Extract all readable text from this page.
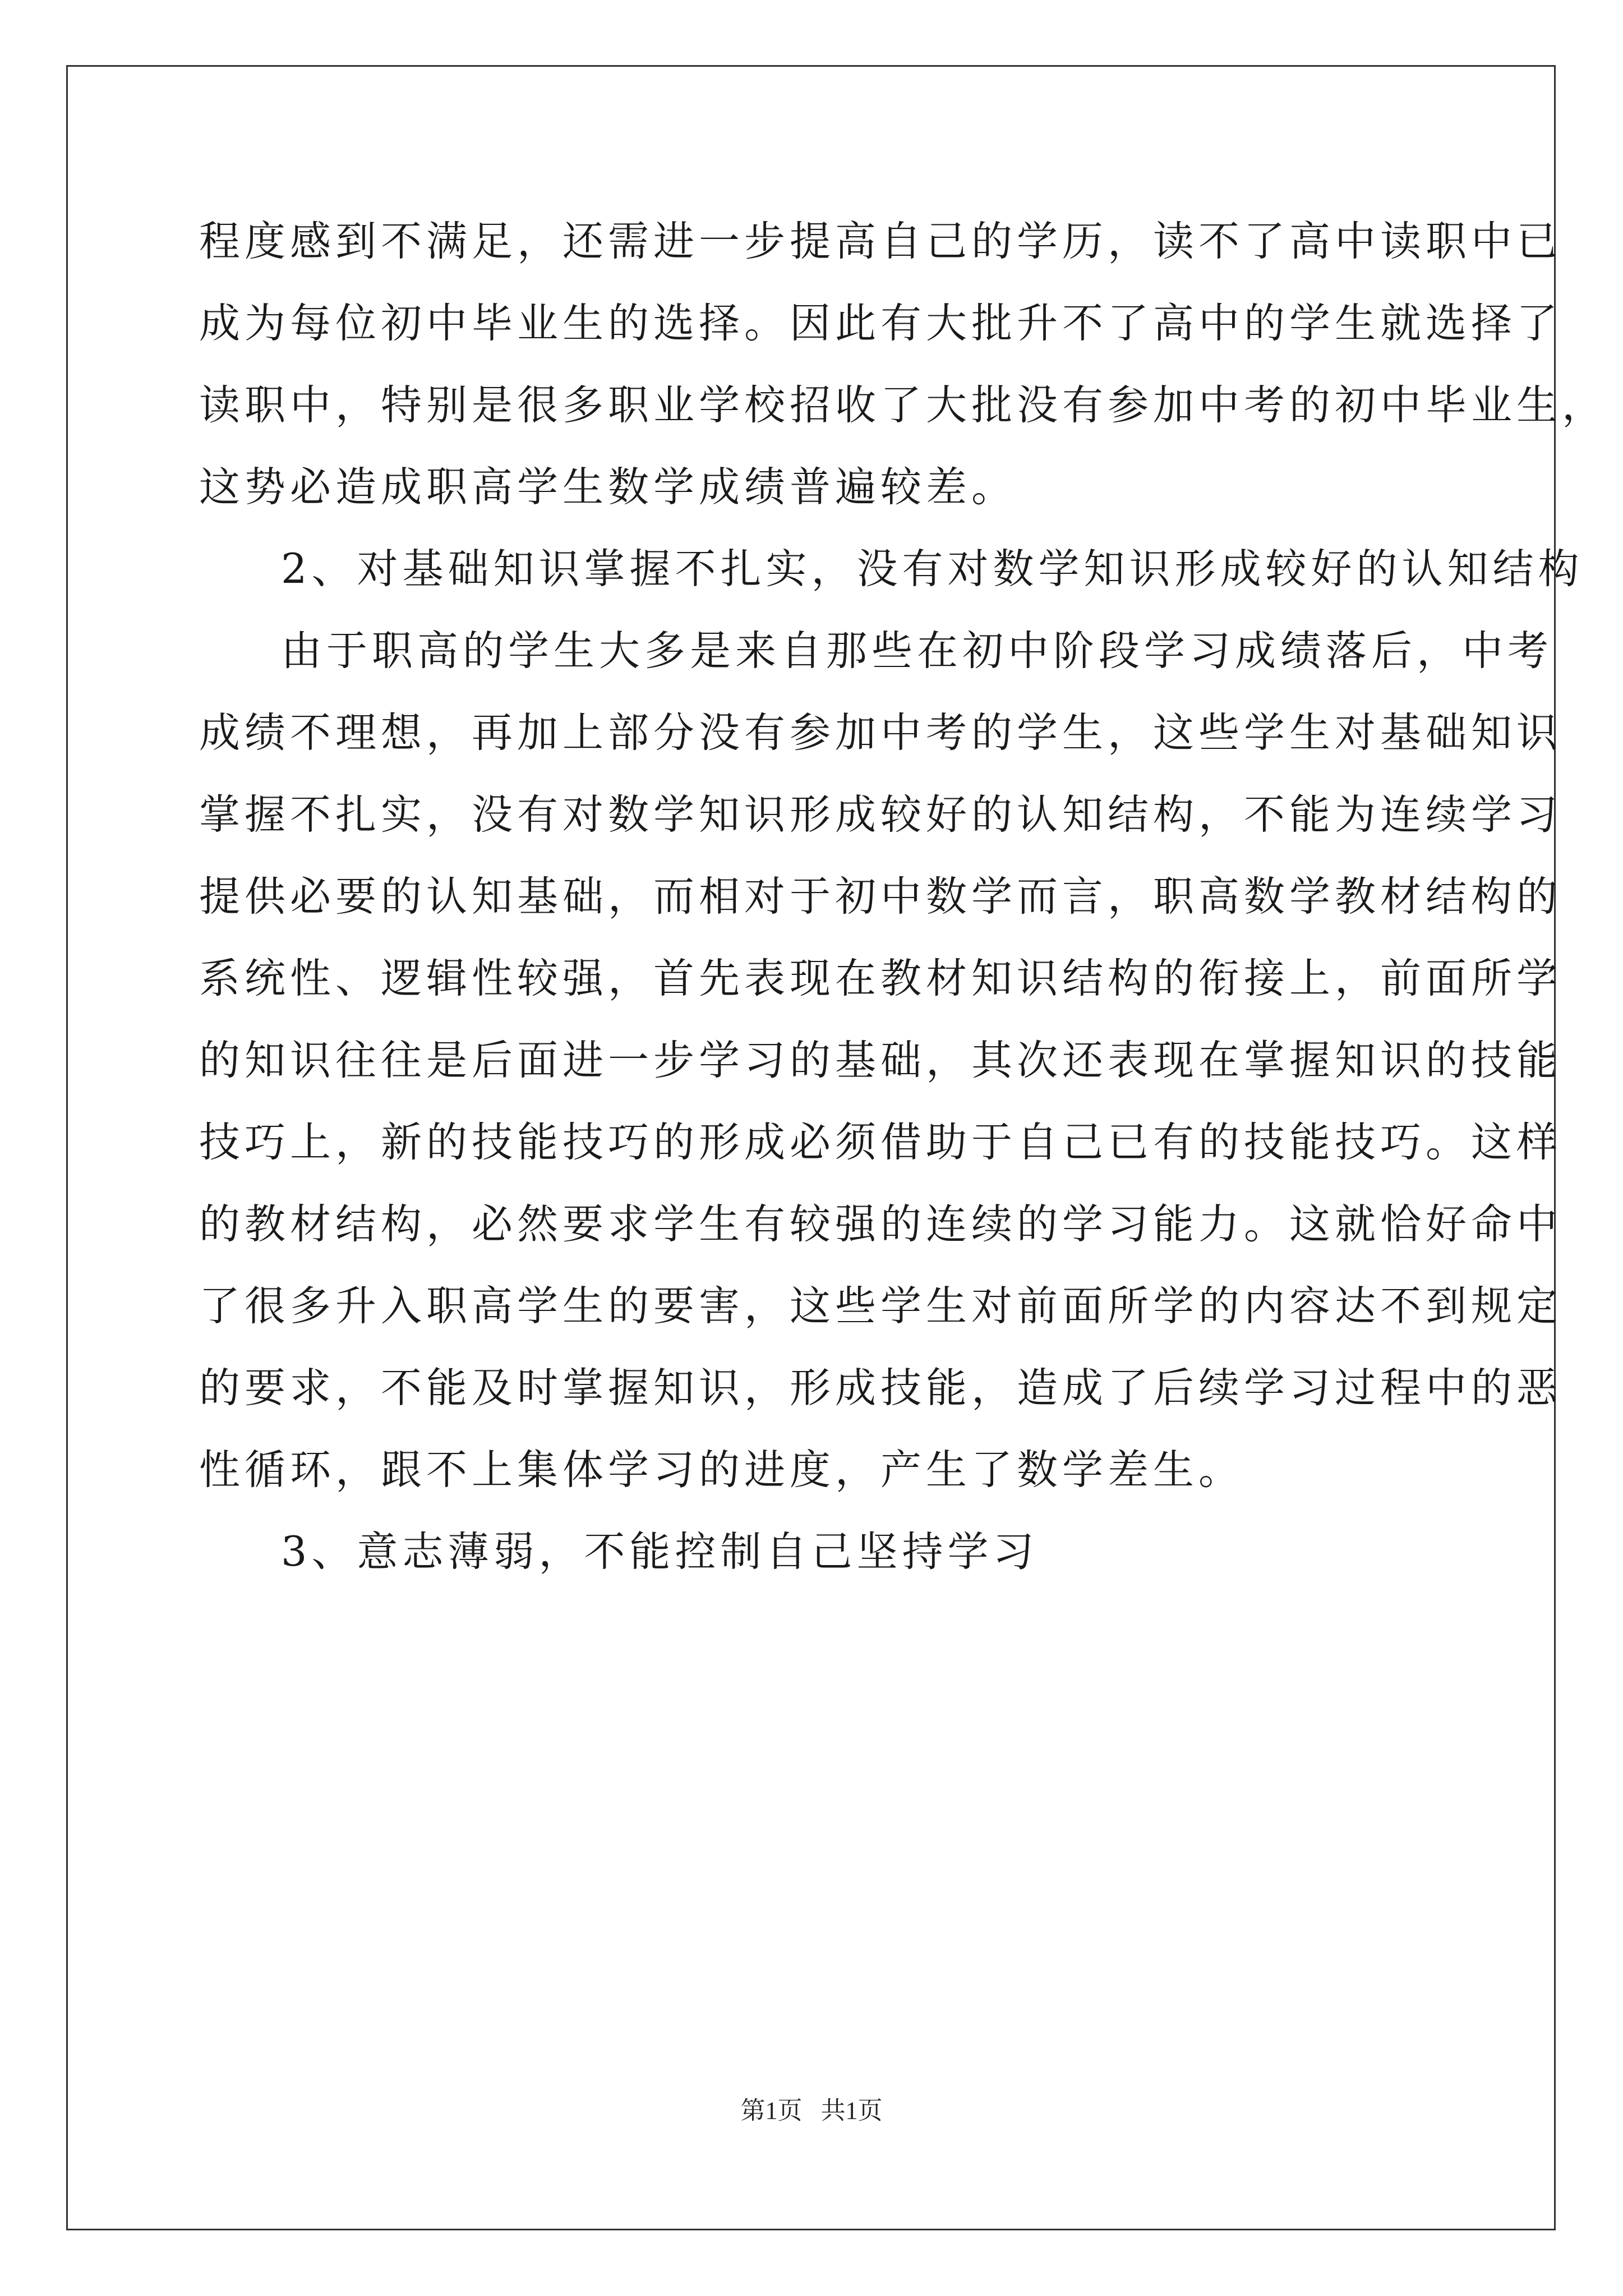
程度感到不满足，还需进一步提高自己的学历，读不了高中读职中已
成为每位初中毕业生的选择。因此有大批升不了高中的学生就选择了
读职中，特别是很多职业学校招收了大批没有参加中考的初中毕业生，
这势必造成职高学生数学成绩普遍较差。
2、对基础知识掌握不扎实，没有对数学知识形成较好的认知结构
由于职高的学生大多是来自那些在初中阶段学习成绩落后，中考
成绩不理想，再加上部分没有参加中考的学生，这些学生对基础知识
掌握不扎实，没有对数学知识形成较好的认知结构，不能为连续学习
提供必要的认知基础，而相对于初中数学而言，职高数学教材结构的
系统性、逻辑性较强，首先表现在教材知识结构的衔接上，前面所学
的知识往往是后面进一步学习的基础，其次还表现在掌握知识的技能
技巧上，新的技能技巧的形成必须借助于自己已有的技能技巧。这样
的教材结构，必然要求学生有较强的连续的学习能力。这就恰好命中
了很多升入职高学生的要害，这些学生对前面所学的内容达不到规定
的要求，不能及时掌握知识，形成技能，造成了后续学习过程中的恶
性循环，跟不上集体学习的进度，产生了数学差生。
3、意志薄弱，不能控制自己坚持学习
第1页   共1页
